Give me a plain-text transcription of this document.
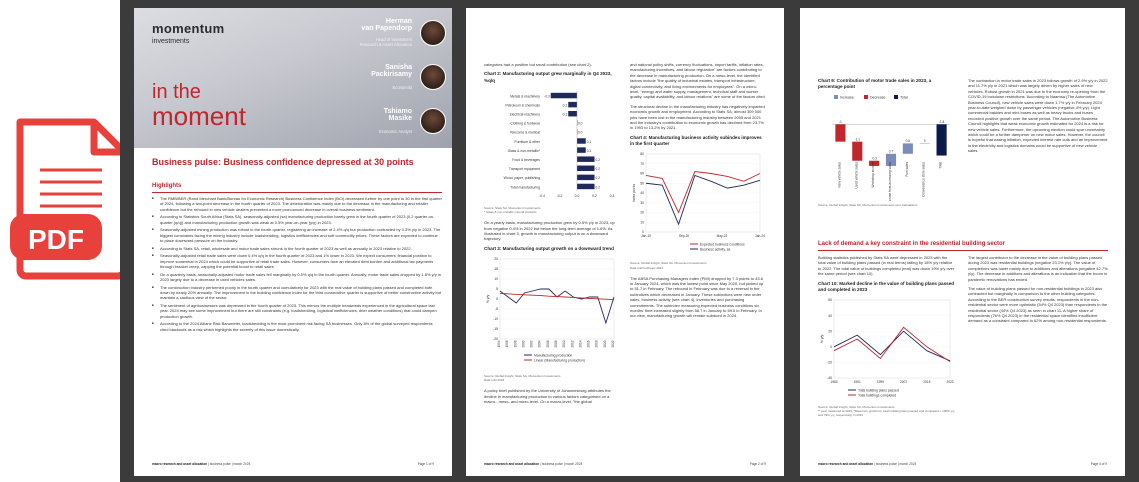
PDF
momentum
investments
in the
moment
Herman
van Papendorp
Head of Investment
Research & Asset Allocation
Sanisha
Packirisamy
Economist
Tshiamo
Masike
Economic Analyst
Business pulse: Business confidence depressed at 30 points
Highlights
■ The RMB/BER (Rand Merchant Bank/Bureau for Economic Research) Business Confidence Index (BCI) decreased further by one point to 30 in the first quarter of 2024, following a two-point decrease in the fourth quarter of 2023. The deterioration was mainly due to the decrease in the manufacturing and retailer confidence but the rebound in new vehicle dealers prevented a more pronounced decrease in overall business sentiment.
■ According to Statistics South Africa (Stats SA), seasonally-adjusted (sa) manufacturing production barely grew in the fourth quarter of 2023 (0.2 quarter-on-quarter (q/q)) and manufacturing production growth was weak at 0.5% year-on-year (y/y) in 2023.
■ Seasonally-adjusted mining production was robust in the fourth quarter, registering an increase of 2.4% q/q but production contracted by 0.3% y/y in 2023. The biggest constraints facing the mining industry include loadshedding, logistics inefficiencies and soft commodity prices. These factors are expected to continue to place downward pressure on the industry.
■ According to Stats SA, retail, wholesale and motor trade sales shrunk in the fourth quarter of 2023 as well as annually in 2023 relative to 2022.
■ Seasonally-adjusted retail trade sales were down 0.4% q/q in the fourth quarter of 2023 and 1% lower in 2023. We expect consumers' financial position to improve somewhat in 2024 which could be supportive of retail trade sales. However, consumers face an elevated debt burden and additional tax payments through bracket creep, capping the potential boost to retail sales.
■ On a quarterly basis, seasonally-adjusted motor trade sales fell marginally by 0.5% q/q in the fourth quarter. Annually, motor trade sales dropped by 1.8% y/y in 2023 largely due to a decrease in used vehicles sales.
■ The construction industry performed poorly in the fourth quarter and cumulatively for 2023 with the real value of building plans passed and completed both down by nearly 20% annually. The improvement in the building confidence index for the third consecutive quarter is supportive of better constructive activity but maintain a cautious view of the sector.
■ The sentiment of agribusinesses was depressed in the fourth quarter of 2023. This mirrors the multiple headwinds experienced in the agricultural space last year. 2024 may see some improvement but there are still constraints (e.g. loadshedding, logistical inefficiencies, drier weather conditions) that could dampen production growth.
■ According to the 2024 Allianz Risk Barometer, loadshedding is the most prominent risk facing SA businesses. Only 8% of the global surveyed respondents cited blackouts as a risk which highlights the severity of this issue domestically.
macro research and asset allocation | business pulse | march 2024	Page 1 of 9

categories had a positive but small contribution (see chart 2).

Chart 2: Manufacturing output grew marginally in Q4 2023, %q/q
Metals & machinery -0.3
Petroleum & chemicals	-0.1
Electrical machinery	-0.1
Clothing & footwear	0.0
Telecoms & medical	0.0
Furniture & other	0.1
Glass & non-metallic*	0.1
Food & beverages	0.2
Transport equipment	0.2
Wood, paper, publishing	0.2
Total manufacturing	0.2
-0.4	-0.2	0.0	0.2	0.4
Source: Stats SA, Momentum Investments
* Glass & non-metallic mineral products

On a yearly basis, manufacturing production grew by 0.5% y/y in 2023, up from negative 0.4% in 2022 but below the long-term average of 1.6%. As illustrated in chart 3, growth in manufacturing output is on a downward trajectory.

Chart 3: Manufacturing output growth on a downward trend
-20
-15
-10
-5
0
5
10
15
20
1994 1996 1998 2000 2002 2004 2006 2008 2010 2012 2014 2016 2018 2020 2022
% y/y
Manufacturing production
Linear (Manufacturing production)
Source: Global Insight, Stats SA, Momentum Investments
Data until 2023

A policy brief published by the University of Johannesburg attributes the decline in manufacturing production to various factors categorised on a macro-, meso- and micro-level. On a macro-level, "the global

and national policy shifts, currency fluctuations, import tariffs, inflation rates, manufacturing incentives, and labour regulation" are factors contributing to the decrease in manufacturing production. On a meso-level, the identified factors include "the quality of industrial estates, transport infrastructure, digital connectivity, and living environments for employees". On a micro-level, "energy and water supply, management, technical staff and worker quality, capital availability, and labour relations" are some of the factors cited.

The structural decline in the manufacturing industry has negatively impacted economic growth and employment. According to Stats SA, almost 309 000 jobs have been lost in the manufacturing industry between 2005 and 2021 and the industry's contribution to economic growth has declined from 23.7% in 1993 to 13.2% by 2021.

Chart 4: Manufacturing business activity subindex improves in the first quarter
0
10
20
30
40
50
60
70
80
Jan-19	Sep-20	May-22	Jan-24
Index points
Expected business conditions
Business activity, sa
Source: Global Insight, Stats SA, Momentum Investments
Data until February 2024

The ABSA Purchasing Managers Index (PMI) dropped by 7.3 points to 43.6 in January 2024, which was the lowest point since May 2020, but picked up to 51.7 in February. The rebound in February was due to a reversal in the subindices which decreased in January. These subindices were new order sales, business activity (see chart 4), inventories and purchasing commitments. The subindex measuring expected business conditions six months' time increased slightly from 58.7 in January to 59.5 in February. In our view, manufacturing growth will remain subdued in 2024.

macro research and asset allocation | business pulse | march 2024	Page 2 of 9
Chart 9: Contribution of motor trade sales in 2023, a percentage point
Increase	Decrease	Total
-1
New vehicle sales
-1.1
Used vehicle sales
-0.3
Workshop income
0.7
Income from accessory sales
0.6
Fuel sales
0
Convenience store sales
-1.8
Total
Source: Global Insight, Stats SA, Momentum Investments own calculations

The contraction in motor trade sales in 2023 follows growth of 2.9% y/y in 2022 and 11.7% y/y in 2021 which was largely driven by higher sales of new vehicles. Robust growth in 2021 was due to the economy re-opening from the COVID-19 lockdown restrictions. According to Naamsa (The Automotive Business Council), new vehicle sales were down 1.7% y/y in February 2024 year-to-date weighed down by passenger vehicles (negative 4% y/y). Light commercial bakkies and mini buses as well as heavy trucks and buses recorded positive growth over the same period. The Automotive Business Council highlights that weak economic growth estimated for 2024 is a risk for new vehicle sales. Furthermore, the upcoming election could spur uncertainty which could be a further dampener on new motor sales. However, the council is hopeful that easing inflation, expected interest rate cuts and an improvement in the electricity and logistics domains could be supportive of new vehicle sales.

Lack of demand a key constraint in the residential building sector

Building statistics published by Stats SA were depressed in 2023 with the total value of building plans passed (in real terms) falling by 18% y/y relative to 2022. The total value of buildings completed (real) was down 19% y/y over the same period (see chart 10).

Chart 10: Marked decline in the value of building plans passed and completed in 2023
-40
-20
0
20
40
60
1983	1991	1999	2007	2015	2023
% y/y
Total building plans passed
Total buildings completed
Source: Global Insight, Stats SA, Momentum Investments
** year measured at 2015, *Maximum growth for total building plans passed and completed + 100% y/y and 79% y/y, respectively, in 2021

The largest contributor to the decrease in the value of building plans passed during 2023 was residential buildings (negative 23.1% y/y). The value of completions was lower mainly due to additions and alterations (negative 42.7% y/y). The decrease in additions and alterations is an indication that the boom in pandemic renovations has ended.

The value of building plans passed for non-residential buildings in 2023 also contracted but marginally in comparison to the other building categories. According to the BER construction survey results, respondents in the non-residential sector were more optimistic (54% Q4 2023) than respondents in the residential sector (44% Q4 2023) as seen in chart 11. A higher share of respondents (76% Q4 2023) in the residential space identified insufficient demand as a constraint compared to 62% among non-residential respondents.

macro research and asset allocation | business pulse | march 2024	Page 4 of 9
